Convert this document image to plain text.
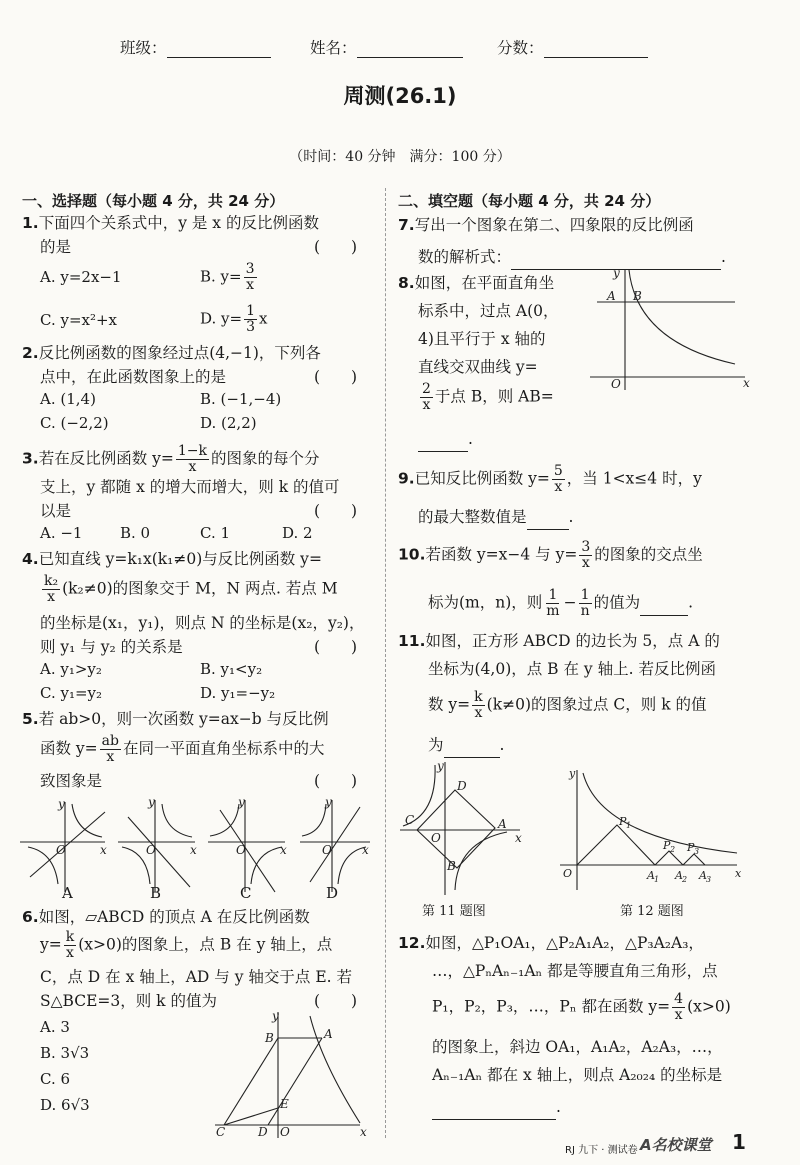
班级：	姓名：	分数：
周测(26.1)
（时间：40 分钟　满分：100 分）
一、选择题（每小题 4 分，共 24 分）
1.下面四个关系式中，y 是 x 的反比例函数
的是	(　　)
A. y=2x−1	B. $y= \frac{3}{x}$
C. y=x²+x	D. $y= \frac{1}{3}$ x
2.反比例函数的图象经过点(4,−1)，下列各
点中，在此函数图象上的是	(　　)
A. (1,4)	B. (−1,−4)
C. (−2,2)	D. (2,2)
3.若在反比例函数 $y= \frac{1-k}{x}$ 的图象的每个分
支上，y 都随 x 的增大而增大，则 k 的值可
以是	(　　)
A. −1	B. 0	C. 1	D. 2
4.已知直线 y=k₁x(k₁≠0)与反比例函数 y=
$\frac{\text{k₂}}{x} (k_2\ne 0)$的图象交于 M，N 两点. 若点 M
的坐标是(x₁，y₁)，则点 N 的坐标是(x₂，y₂)，
则 y₁ 与 y₂ 的关系是	(　　)
A. y₁>y₂	B. y₁<y₂
C. y₁=y₂	D. y₁=−y₂
5.若 ab>0，则一次函数 y=ax−b 与反比例
函数 $y= \frac{ab}{x}$ 在同一平面直角坐标系中的大
致图象是	(　　)
y
x
O
y
x
O
y
x
O
y
x
O
A	B	C	D
6.如图，▱ABCD 的顶点 A 在反比例函数
$y= \frac{k}{x} (x>0)$的图象上，点 B 在 y 轴上，点
C，点 D 在 x 轴上，AD 与 y 轴交于点 E. 若
S△BCE=3，则 k 的值为	(　　)
A. 3
B. 3√3
C. 6
D. 6√3
y
x
B	A
E
C	D O
二、填空题（每小题 4 分，共 24 分）
7.写出一个图象在第二、四象限的反比例函
数的解析式：	.
8.如图，在平面直角坐
标系中，过点 A(0，
4)且平行于 x 轴的
直线交双曲线 y=
$\frac{2}{x}$ 于点 B，则 AB=
.
y
x
A B
O
9.已知反比例函数 $y= \frac{5}{x}$ ，当 1<x≤4 时，y
的最大整数值是	.
10.若函数 y=x−4 与 $y= \frac{3}{x}$ 的图象的交点坐
标为(m，n)，则 $\frac{1}{m} - \frac{1}{n}$ 的值为	.
11.如图，正方形 ABCD 的边长为 5，点 A 的
坐标为(4,0)，点 B 在 y 轴上. 若反比例函
数 $y= \frac{k}{x} (k\ne 0)$的图象过点 C，则 k 的值
为	.
y
x
D
A
C
B
O
第 11 题图
y
x
O
P 1
P 2 P 3
A 1 A 2 A 3
第 12 题图
12.如图，△P₁OA₁，△P₂A₁A₂，△P₃A₂A₃，
…，△PₙAₙ₋₁Aₙ 都是等腰直角三角形，点
P₁，P₂，P₃，…，Pₙ 都在函数 $y= \frac{4}{x} (x>0)$
的图象上，斜边 OA₁，A₁A₂，A₂A₃，…，
Aₙ₋₁Aₙ 都在 x 轴上，则点 A₂₀₂₄ 的坐标是
.
RJ 九下 · 测试卷 A名校课堂 1
